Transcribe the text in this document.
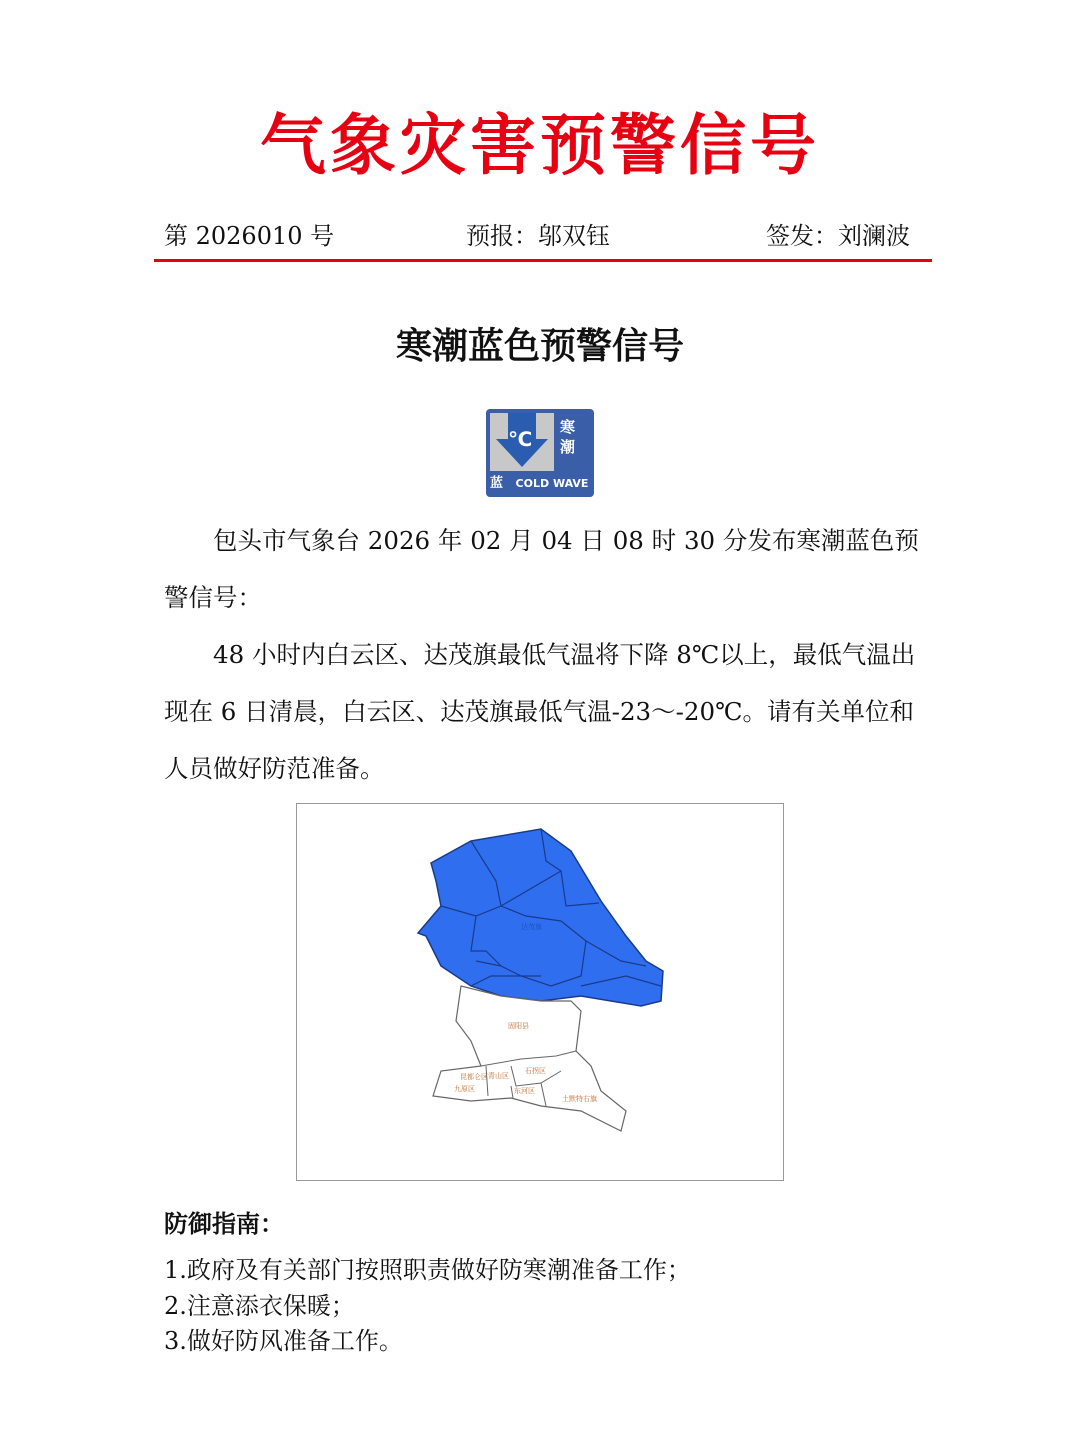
气象灾害预警信号
第 2026010 号	预报：邬双钰	签发：刘澜波
寒潮蓝色预警信号
℃ 寒
潮
蓝 COLD WAVE
包头市气象台 2026 年 02 月 04 日 08 时 30 分发布寒潮蓝色预警信号：
48 小时内白云区、达茂旗最低气温将下降 8℃以上，最低气温出现在 6 日清晨，白云区、达茂旗最低气温-23～-20℃。请有关单位和人员做好防范准备。
达茂旗
固阳县
昆都仑区 青山区
石拐区
九原区	东河区
土默特右旗
防御指南：
1.政府及有关部门按照职责做好防寒潮准备工作；
2.注意添衣保暖；
3.做好防风准备工作。
